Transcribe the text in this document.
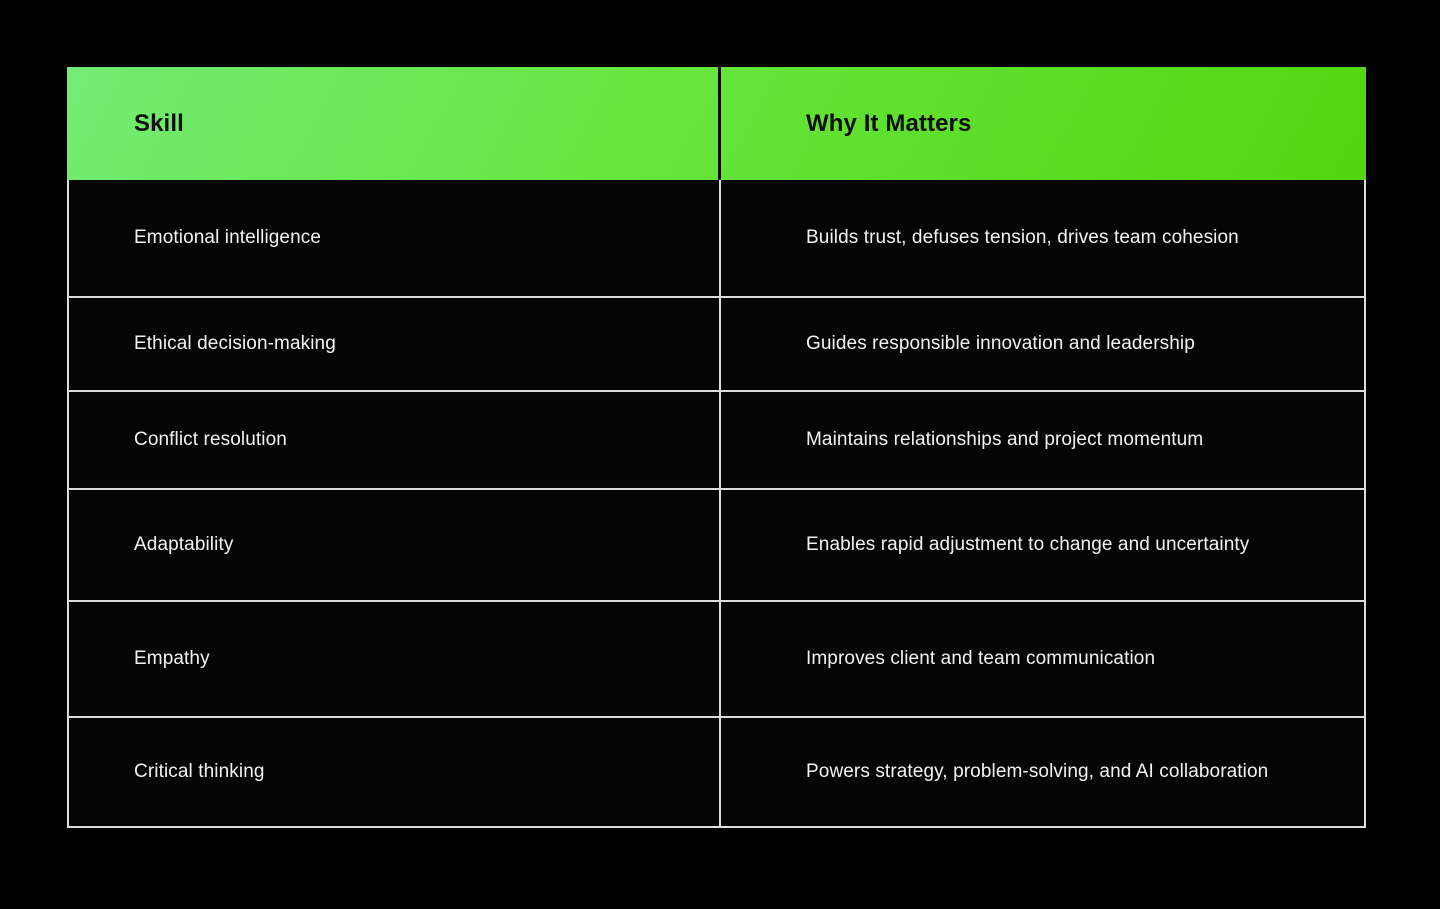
Skill	Why It Matters
Emotional intelligence	Builds trust, defuses tension, drives team cohesion
Ethical decision-making	Guides responsible innovation and leadership
Conflict resolution	Maintains relationships and project momentum
Adaptability	Enables rapid adjustment to change and uncertainty
Empathy	Improves client and team communication
Critical thinking	Powers strategy, problem-solving, and AI collaboration
